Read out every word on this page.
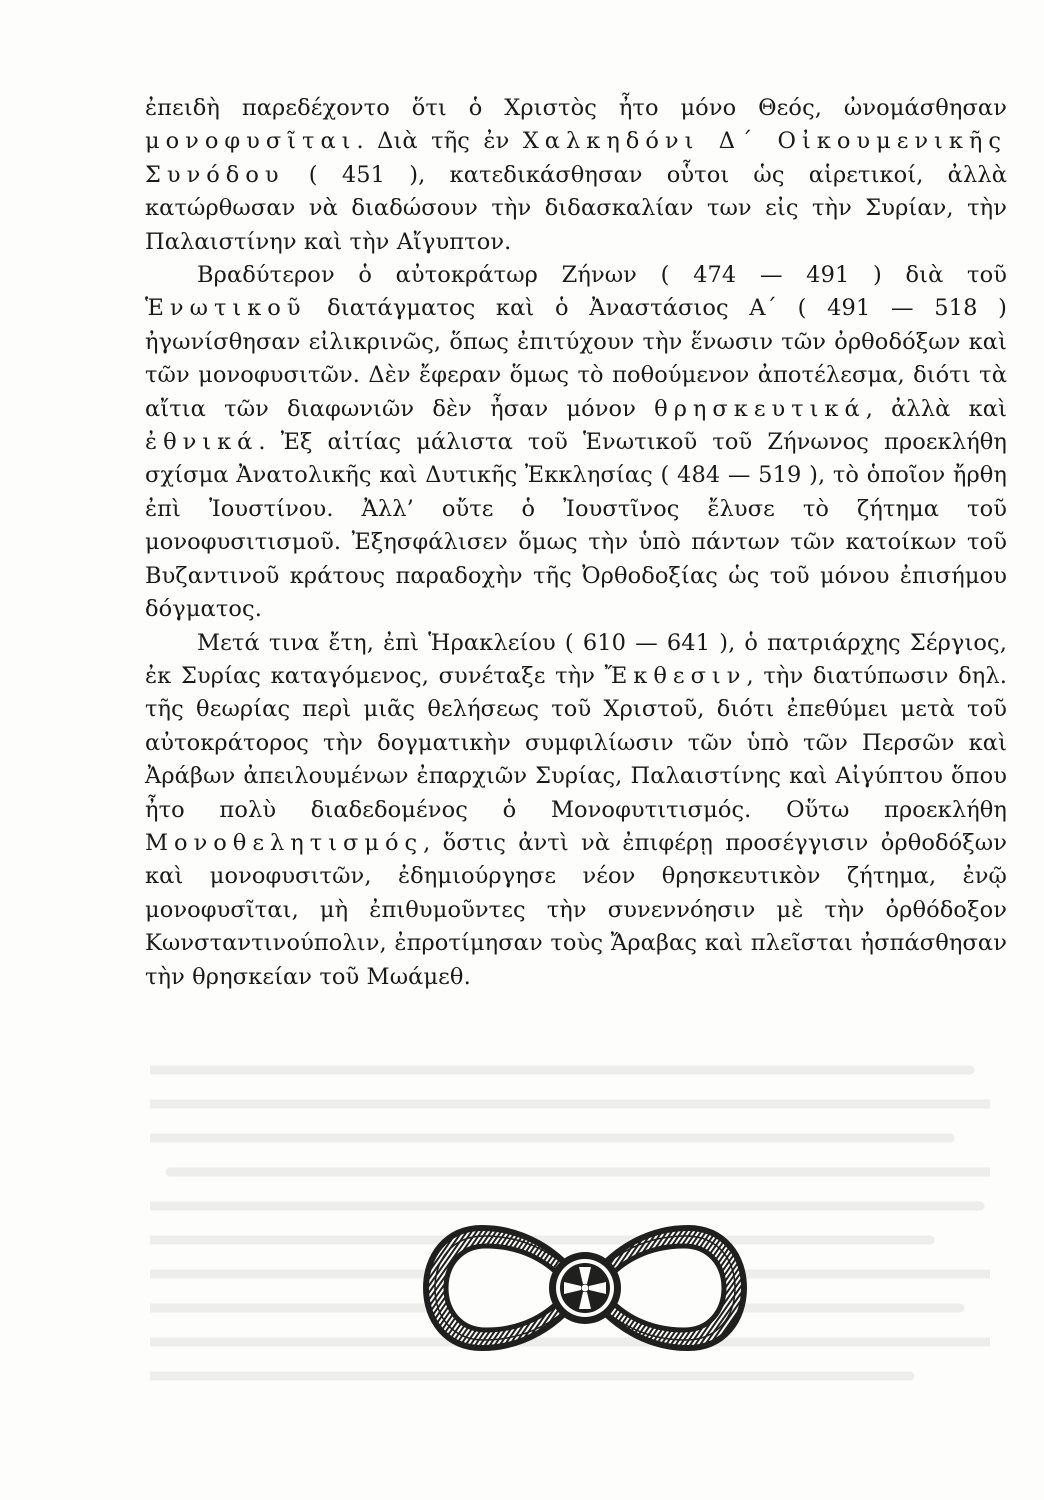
ἐπειδὴ παρεδέχοντο ὅτι ὁ Χριστὸς ἦτο μόνο Θεός, ὠνομάσθησαν μονοφυσῖται. Διὰ τῆς ἐν Χαλκηδόνι Δ΄ Οἰκουμενικῆς Συνόδου ( 451 ), κατεδικάσθησαν οὗτοι ὡς αἱρετικοί, ἀλλὰ κατώρθωσαν νὰ διαδώσουν τὴν διδασκαλίαν των εἰς τὴν Συρίαν, τὴν Παλαιστίνην καὶ τὴν Αἴγυπτον.

Βραδύτερον ὁ αὐτοκράτωρ Ζήνων ( 474 — 491 ) διὰ τοῦ Ἑνωτικοῦ διατάγματος καὶ ὁ Ἀναστάσιος Α΄ ( 491 — 518 ) ἠγωνίσθησαν εἰλικρινῶς, ὅπως ἐπιτύχουν τὴν ἕνωσιν τῶν ὀρθοδόξων καὶ τῶν μονοφυσιτῶν. Δὲν ἔφεραν ὅμως τὸ ποθούμενον ἀποτέλεσμα, διότι τὰ αἴτια τῶν διαφωνιῶν δὲν ἦσαν μόνον θρησκευτικά, ἀλλὰ καὶ ἐθνικά. Ἐξ αἰτίας μάλιστα τοῦ Ἑνωτικοῦ τοῦ Ζήνωνος προεκλήθη σχίσμα Ἀνατολικῆς καὶ Δυτικῆς Ἐκκλησίας ( 484 — 519 ), τὸ ὁποῖον ἤρθη ἐπὶ Ἰουστίνου. Ἀλλ’ οὔτε ὁ Ἰουστῖνος ἔλυσε τὸ ζήτημα τοῦ μονοφυσιτισμοῦ. Ἐξησφάλισεν ὅμως τὴν ὑπὸ πάντων τῶν κατοίκων τοῦ Βυζαντινοῦ κράτους παραδοχὴν τῆς Ὀρθοδοξίας ὡς τοῦ μόνου ἐπισήμου δόγματος.

Μετά τινα ἔτη, ἐπὶ Ἡρακλείου ( 610 — 641 ), ὁ πατριάρχης Σέργιος, ἐκ Συρίας καταγόμενος, συνέταξε τὴν Ἔκθεσιν, τὴν διατύπωσιν δηλ. τῆς θεωρίας περὶ μιᾶς θελήσεως τοῦ Χριστοῦ, διότι ἐπεθύμει μετὰ τοῦ αὐτοκράτορος τὴν δογματικὴν συμφιλίωσιν τῶν ὑπὸ τῶν Περσῶν καὶ Ἀράβων ἀπειλουμένων ἐπαρχιῶν Συρίας, Παλαιστίνης καὶ Αἰγύπτου ὅπου ἦτο πολὺ διαδεδομένος ὁ Μονοφυτιτισμός. Οὕτω προεκλήθη Μονοθελητισμός, ὅστις ἀντὶ νὰ ἐπιφέρῃ προσέγγισιν ὀρθοδόξων καὶ μονοφυσιτῶν, ἐδημιούργησε νέον θρησκευτικὸν ζήτημα, ἐνῷ μονοφυσῖται, μὴ ἐπιθυμοῦντες τὴν συνεννόησιν μὲ τὴν ὀρθόδοξον Κωνσταντινούπολιν, ἐπροτίμησαν τοὺς Ἄραβας καὶ πλεῖσται ἠσπάσθησαν τὴν θρησκείαν τοῦ Μωάμεθ.
